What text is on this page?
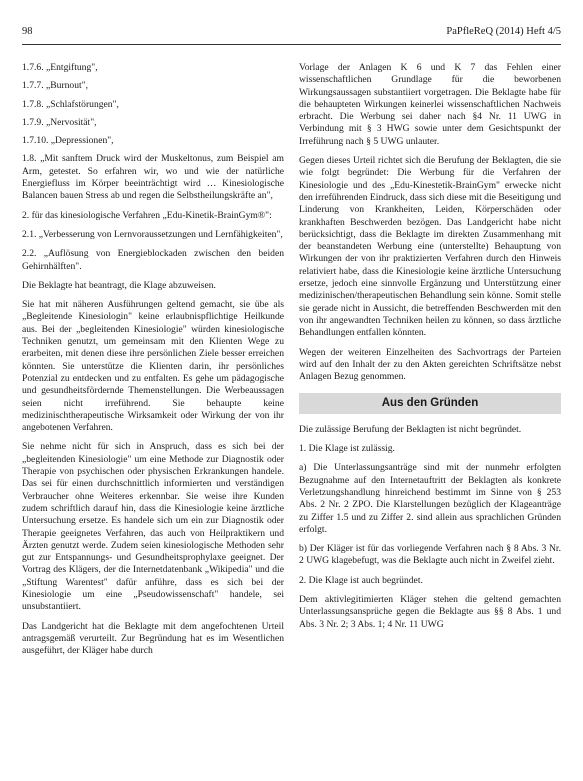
98	PaPfleReQ (2014) Heft 4/5

1.7.6. „Entgiftung",

1.7.7. „Burnout",

1.7.8. „Schlafstörungen",

1.7.9. „Nervosität",

1.7.10. „Depressionen",

1.8. „Mit sanftem Druck wird der Muskeltonus, zum Beispiel am Arm, getestet. So erfahren wir, wo und wie der natürliche Energiefluss im Körper beeinträchtigt wird … Kinesiologische Balancen bauen Stress ab und regen die Selbstheilungskräfte an",

2. für das kinesiologische Verfahren „Edu-Kinetik-BrainGym®":

2.1. „Verbesserung von Lernvoraussetzungen und Lernfähigkeiten",

2.2. „Auflösung von Energieblockaden zwischen den beiden Gehirnhälften".

Die Beklagte hat beantragt, die Klage abzuweisen.

Sie hat mit näheren Ausführungen geltend gemacht, sie übe als „Begleitende Kinesiologin" keine erlaubnispflichtige Heilkunde aus. Bei der „begleitenden Kinesiologie" würden kinesiologische Techniken genutzt, um gemeinsam mit den Klienten Wege zu erarbeiten, mit denen diese ihre persönlichen Ziele besser erreichen könnten. Sie unterstütze die Klienten darin, ihr persönliches Potenzial zu entdecken und zu entfalten. Es gehe um pädagogische und gesundheitsfördernde Themenstellungen. Die Werbeaussagen seien nicht irreführend. Sie behaupte keine medizinischtherapeutische Wirksamkeit oder Wirkung der von ihr angebotenen Verfahren.

Sie nehme nicht für sich in Anspruch, dass es sich bei der „begleitenden Kinesiologie" um eine Methode zur Diagnostik oder Therapie von psychischen oder physischen Erkrankungen handele. Das sei für einen durchschnittlich informierten und verständigen Verbraucher ohne Weiteres erkennbar. Sie weise ihre Kunden zudem schriftlich darauf hin, dass die Kinesiologie keine ärztliche Untersuchung ersetze. Es handele sich um ein zur Diagnostik oder Therapie geeignetes Verfahren, das auch von Heilpraktikern und Ärzten genutzt werde. Zudem seien kinesiologische Methoden sehr gut zur Entspannungs- und Gesundheitsprophylaxe geeignet. Der Vortrag des Klägers, der die Internetdatenbank „Wikipedia" und die „Stiftung Warentest" dafür anführe, dass es sich bei der Kinesiologie um eine „Pseudowissenschaft" handele, sei unsubstantiiert.

Das Landgericht hat die Beklagte mit dem angefochtenen Urteil antragsgemäß verurteilt. Zur Begründung hat es im Wesentlichen ausgeführt, der Kläger habe durch

Vorlage der Anlagen K 6 und K 7 das Fehlen einer wissenschaftlichen Grundlage für die beworbenen Wirkungsaussagen substantiiert vorgetragen. Die Beklagte habe für die behaupteten Wirkungen keinerlei wissenschaftlichen Nachweis erbracht. Die Werbung sei daher nach §4 Nr. 11 UWG in Verbindung mit § 3 HWG sowie unter dem Gesichtspunkt der Irreführung nach § 5 UWG unlauter.

Gegen dieses Urteil richtet sich die Berufung der Beklagten, die sie wie folgt begründet: Die Werbung für die Verfahren der Kinesiologie und des „Edu-Kinestetik-BrainGym" erwecke nicht den irreführenden Eindruck, dass sich diese mit die Beseitigung und Linderung von Krankheiten, Leiden, Körperschäden oder krankhaften Beschwerden bezögen. Das Landgericht habe nicht berücksichtigt, dass die Beklagte im direkten Zusammenhang mit der beanstandeten Werbung eine (unterstellte) Behauptung von Wirkungen der von ihr praktizierten Verfahren durch den Hinweis relativiert habe, dass die Kinesiologie keine ärztliche Untersuchung ersetze, jedoch eine sinnvolle Ergänzung und Unterstützung einer medizinischen/therapeutischen Behandlung sein könne. Somit stelle sie gerade nicht in Aussicht, die betreffenden Beschwerden mit den von ihr angewandten Techniken heilen zu können, so dass ärztliche Behandlungen entfallen könnten.

Wegen der weiteren Einzelheiten des Sachvortrags der Parteien wird auf den Inhalt der zu den Akten gereichten Schriftsätze nebst Anlagen Bezug genommen.

Aus den Gründen

Die zulässige Berufung der Beklagten ist nicht begründet.

1. Die Klage ist zulässig.

a) Die Unterlassungsanträge sind mit der nunmehr erfolgten Bezugnahme auf den Internetauftritt der Beklagten als konkrete Verletzungshandlung hinreichend bestimmt im Sinne von § 253 Abs. 2 Nr. 2 ZPO. Die Klarstellungen bezüglich der Klageanträge zu Ziffer 1.5 und zu Ziffer 2. sind allein aus sprachlichen Gründen erfolgt.

b) Der Kläger ist für das vorliegende Verfahren nach § 8 Abs. 3 Nr. 2 UWG klagebefugt, was die Beklagte auch nicht in Zweifel zieht.

2. Die Klage ist auch begründet.

Dem aktivlegitimierten Kläger stehen die geltend gemachten Unterlassungsansprüche gegen die Beklagte aus §§ 8 Abs. 1 und Abs. 3 Nr. 2; 3 Abs. 1; 4 Nr. 11 UWG
